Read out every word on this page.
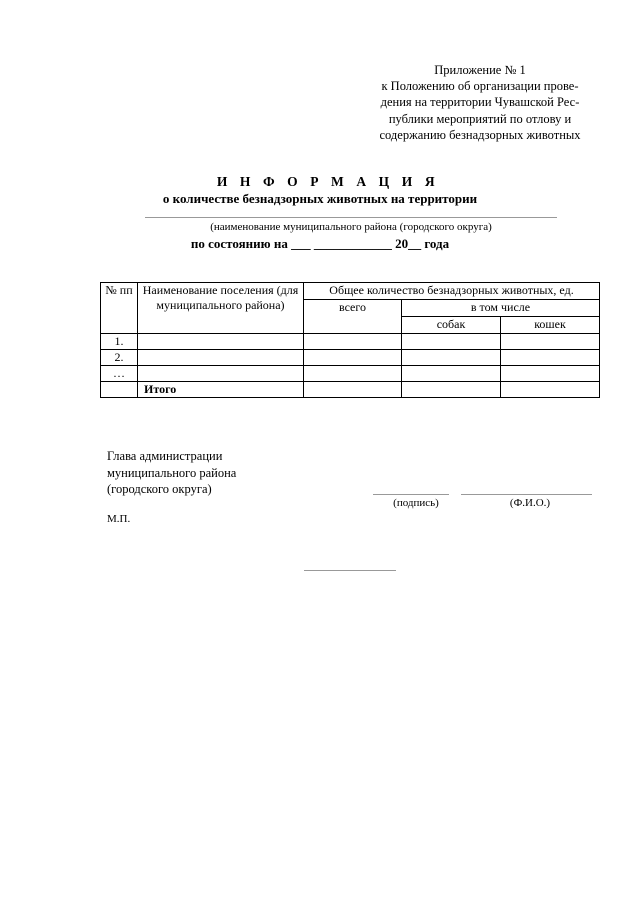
Приложение № 1
к Положению об организации прове-
дения на территории Чувашской Рес-
публики мероприятий по отлову и
содержанию безнадзорных животных
И Н Ф О Р М А Ц И Я
о количестве безнадзорных животных на территории
(наименование муниципального района (городского округа)
по состоянию на ___ ____________ 20__ года
№ пп	Наименование поселения (для муниципального района)	Общее количество безнадзорных животных, ед.		
		всего	в том числе	
			собак	кошек
1.				
2.				
…				
	Итого			
Глава администрации
муниципального района
(городского округа)
(подпись)	(Ф.И.О.)
М.П.
